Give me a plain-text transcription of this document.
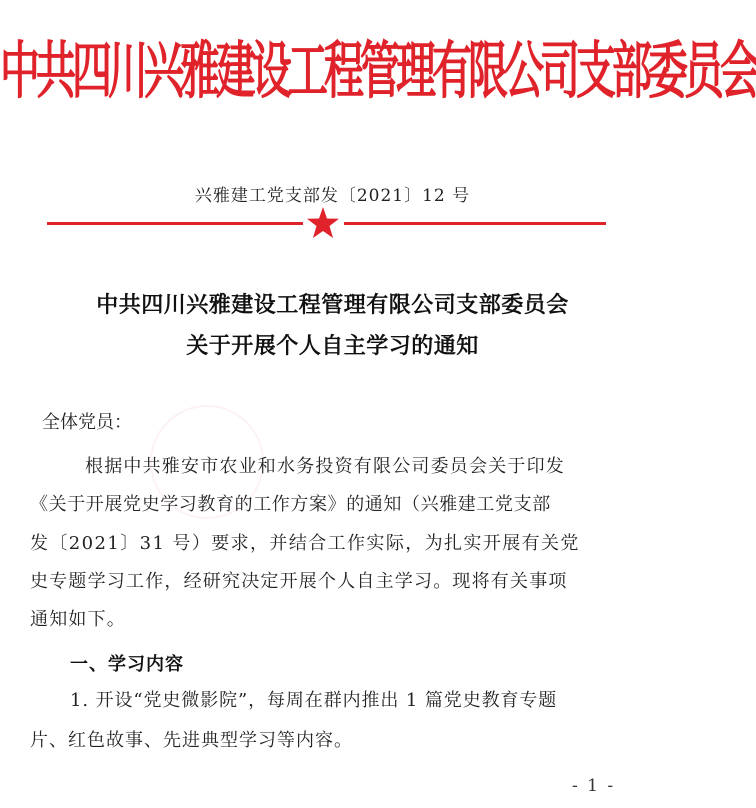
中共四川兴雅建设工程管理有限公司支部委员会
兴雅建工党支部发〔2021〕12 号
中共四川兴雅建设工程管理有限公司支部委员会
关于开展个人自主学习的通知
全体党员：
根据中共雅安市农业和水务投资有限公司委员会关于印发
《关于开展党史学习教育的工作方案》的通知（兴雅建工党支部
发〔2021〕31 号）要求，并结合工作实际，为扎实开展有关党
史专题学习工作，经研究决定开展个人自主学习。现将有关事项
通知如下。
一、学习内容
1. 开设“党史微影院”，每周在群内推出 1 篇党史教育专题
片、红色故事、先进典型学习等内容。
- 1 -
